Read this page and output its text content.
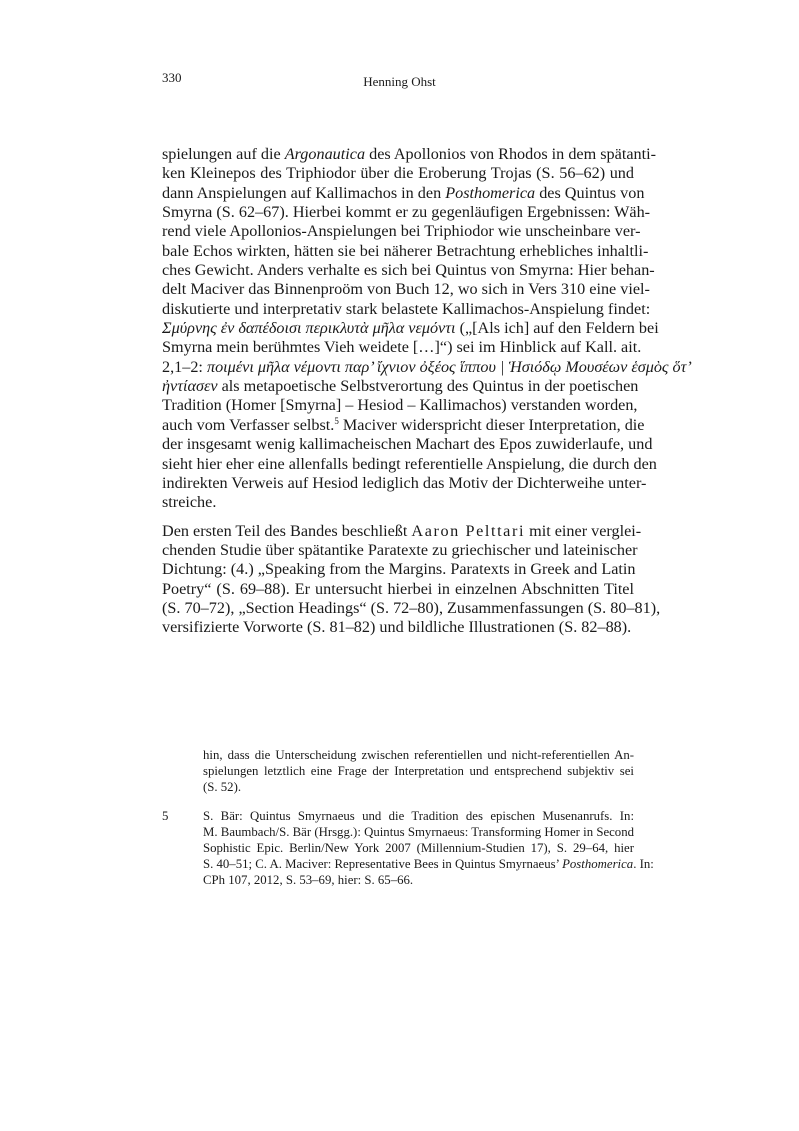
330	Henning Ohst
spielungen auf die Argonautica des Apollonios von Rhodos in dem spätanti-
ken Kleinepos des Triphiodor über die Eroberung Trojas (S. 56–62) und
dann Anspielungen auf Kallimachos in den Posthomerica des Quintus von
Smyrna (S. 62–67). Hierbei kommt er zu gegenläufigen Ergebnissen: Wäh-
rend viele Apollonios-Anspielungen bei Triphiodor wie unscheinbare ver-
bale Echos wirkten, hätten sie bei näherer Betrachtung erhebliches inhaltli-
ches Gewicht. Anders verhalte es sich bei Quintus von Smyrna: Hier behan-
delt Maciver das Binnenproöm von Buch 12, wo sich in Vers 310 eine viel-
diskutierte und interpretativ stark belastete Kallimachos-Anspielung findet:
Σμύρνης ἐν δαπέδοισι περικλυτὰ μῆλα νεμόντι („[Als ich] auf den Feldern bei
Smyrna mein berühmtes Vieh weidete […]“) sei im Hinblick auf Kall. ait.
2,1–2: ποιμένι μῆλα νέμοντι παρ’ ἴχνιον ὀξέος ἵππου | Ἡσιόδῳ Μουσέων ἑσμὸς ὅτ’
ἠντίασεν als metapoetische Selbstverortung des Quintus in der poetischen
Tradition (Homer [Smyrna] – Hesiod – Kallimachos) verstanden worden,
auch vom Verfasser selbst.$^5$ Maciver widerspricht dieser Interpretation, die
der insgesamt wenig kallimacheischen Machart des Epos zuwiderlaufe, und
sieht hier eher eine allenfalls bedingt referentielle Anspielung, die durch den
indirekten Verweis auf Hesiod lediglich das Motiv der Dichterweihe unter-
streiche.
Den ersten Teil des Bandes beschließt Aaron Pelttari mit einer verglei-
chenden Studie über spätantike Paratexte zu griechischer und lateinischer
Dichtung: (4.) „Speaking from the Margins. Paratexts in Greek and Latin
Poetry“ (S. 69–88). Er untersucht hierbei in einzelnen Abschnitten Titel
(S. 70–72), „Section Headings“ (S. 72–80), Zusammenfassungen (S. 80–81),
versifizierte Vorworte (S. 81–82) und bildliche Illustrationen (S. 82–88).
hin, dass die Unterscheidung zwischen referentiellen und nicht-referentiellen An-
spielungen letztlich eine Frage der Interpretation und entsprechend subjektiv sei
(S. 52).
5	S. Bär: Quintus Smyrnaeus und die Tradition des epischen Musenanrufs. In:
M. Baumbach/S. Bär (Hrsgg.): Quintus Smyrnaeus: Transforming Homer in Second
Sophistic Epic. Berlin/New York 2007 (Millennium-Studien 17), S. 29–64, hier
S. 40–51; C. A. Maciver: Representative Bees in Quintus Smyrnaeus’ Posthomerica. In:
CPh 107, 2012, S. 53–69, hier: S. 65–66.
